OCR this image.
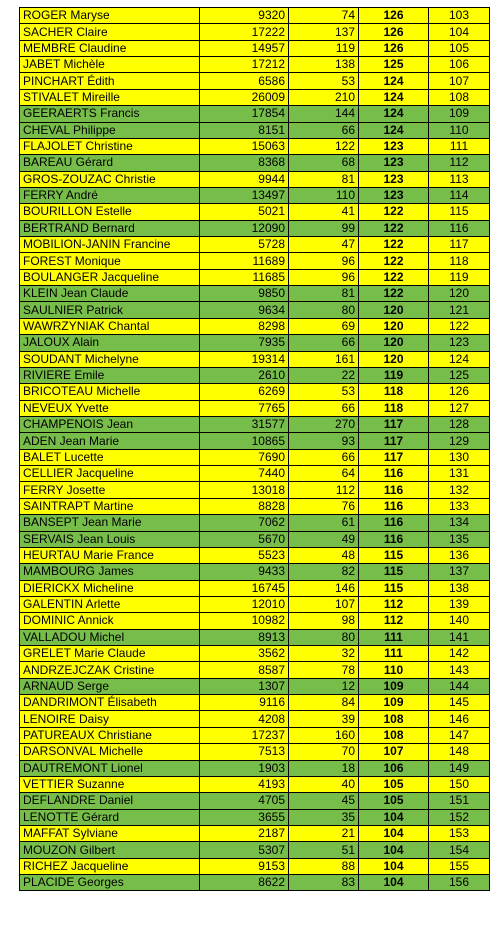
ROGER Maryse	9320	74	126	103
SACHER Claire	17222	137	126	104
MEMBRE Claudine	14957	119	126	105
JABET Michèle	17212	138	125	106
PINCHART Édith	6586	53	124	107
STIVALET Mireille	26009	210	124	108
GEERAERTS Francis	17854	144	124	109
CHEVAL Philippe	8151	66	124	110
FLAJOLET Christine	15063	122	123	111
BAREAU Gérard	8368	68	123	112
GROS-ZOUZAC Christie	9944	81	123	113
FERRY André	13497	110	123	114
BOURILLON Estelle	5021	41	122	115
BERTRAND Bernard	12090	99	122	116
MOBILION-JANIN Francine	5728	47	122	117
FOREST Monique	11689	96	122	118
BOULANGER Jacqueline	11685	96	122	119
KLEIN Jean Claude	9850	81	122	120
SAULNIER Patrick	9634	80	120	121
WAWRZYNIAK Chantal	8298	69	120	122
JALOUX Alain	7935	66	120	123
SOUDANT Michelyne	19314	161	120	124
RIVIERE Emile	2610	22	119	125
BRICOTEAU Michelle	6269	53	118	126
NEVEUX Yvette	7765	66	118	127
CHAMPENOIS Jean	31577	270	117	128
ADEN Jean Marie	10865	93	117	129
BALET Lucette	7690	66	117	130
CELLIER Jacqueline	7440	64	116	131
FERRY Josette	13018	112	116	132
SAINTRAPT Martine	8828	76	116	133
BANSEPT Jean Marie	7062	61	116	134
SERVAIS Jean Louis	5670	49	116	135
HEURTAU Marie France	5523	48	115	136
MAMBOURG James	9433	82	115	137
DIERICKX Micheline	16745	146	115	138
GALENTIN Arlette	12010	107	112	139
DOMINIC Annick	10982	98	112	140
VALLADOU Michel	8913	80	111	141
GRELET Marie Claude	3562	32	111	142
ANDRZEJCZAK Cristine	8587	78	110	143
ARNAUD Serge	1307	12	109	144
DANDRIMONT Élisabeth	9116	84	109	145
LENOIRE Daisy	4208	39	108	146
PATUREAUX Christiane	17237	160	108	147
DARSONVAL Michelle	7513	70	107	148
DAUTREMONT Lionel	1903	18	106	149
VETTIER Suzanne	4193	40	105	150
DEFLANDRE Daniel	4705	45	105	151
LENOTTE Gérard	3655	35	104	152
MAFFAT Sylviane	2187	21	104	153
MOUZON Gilbert	5307	51	104	154
RICHEZ Jacqueline	9153	88	104	155
PLACIDE Georges	8622	83	104	156
